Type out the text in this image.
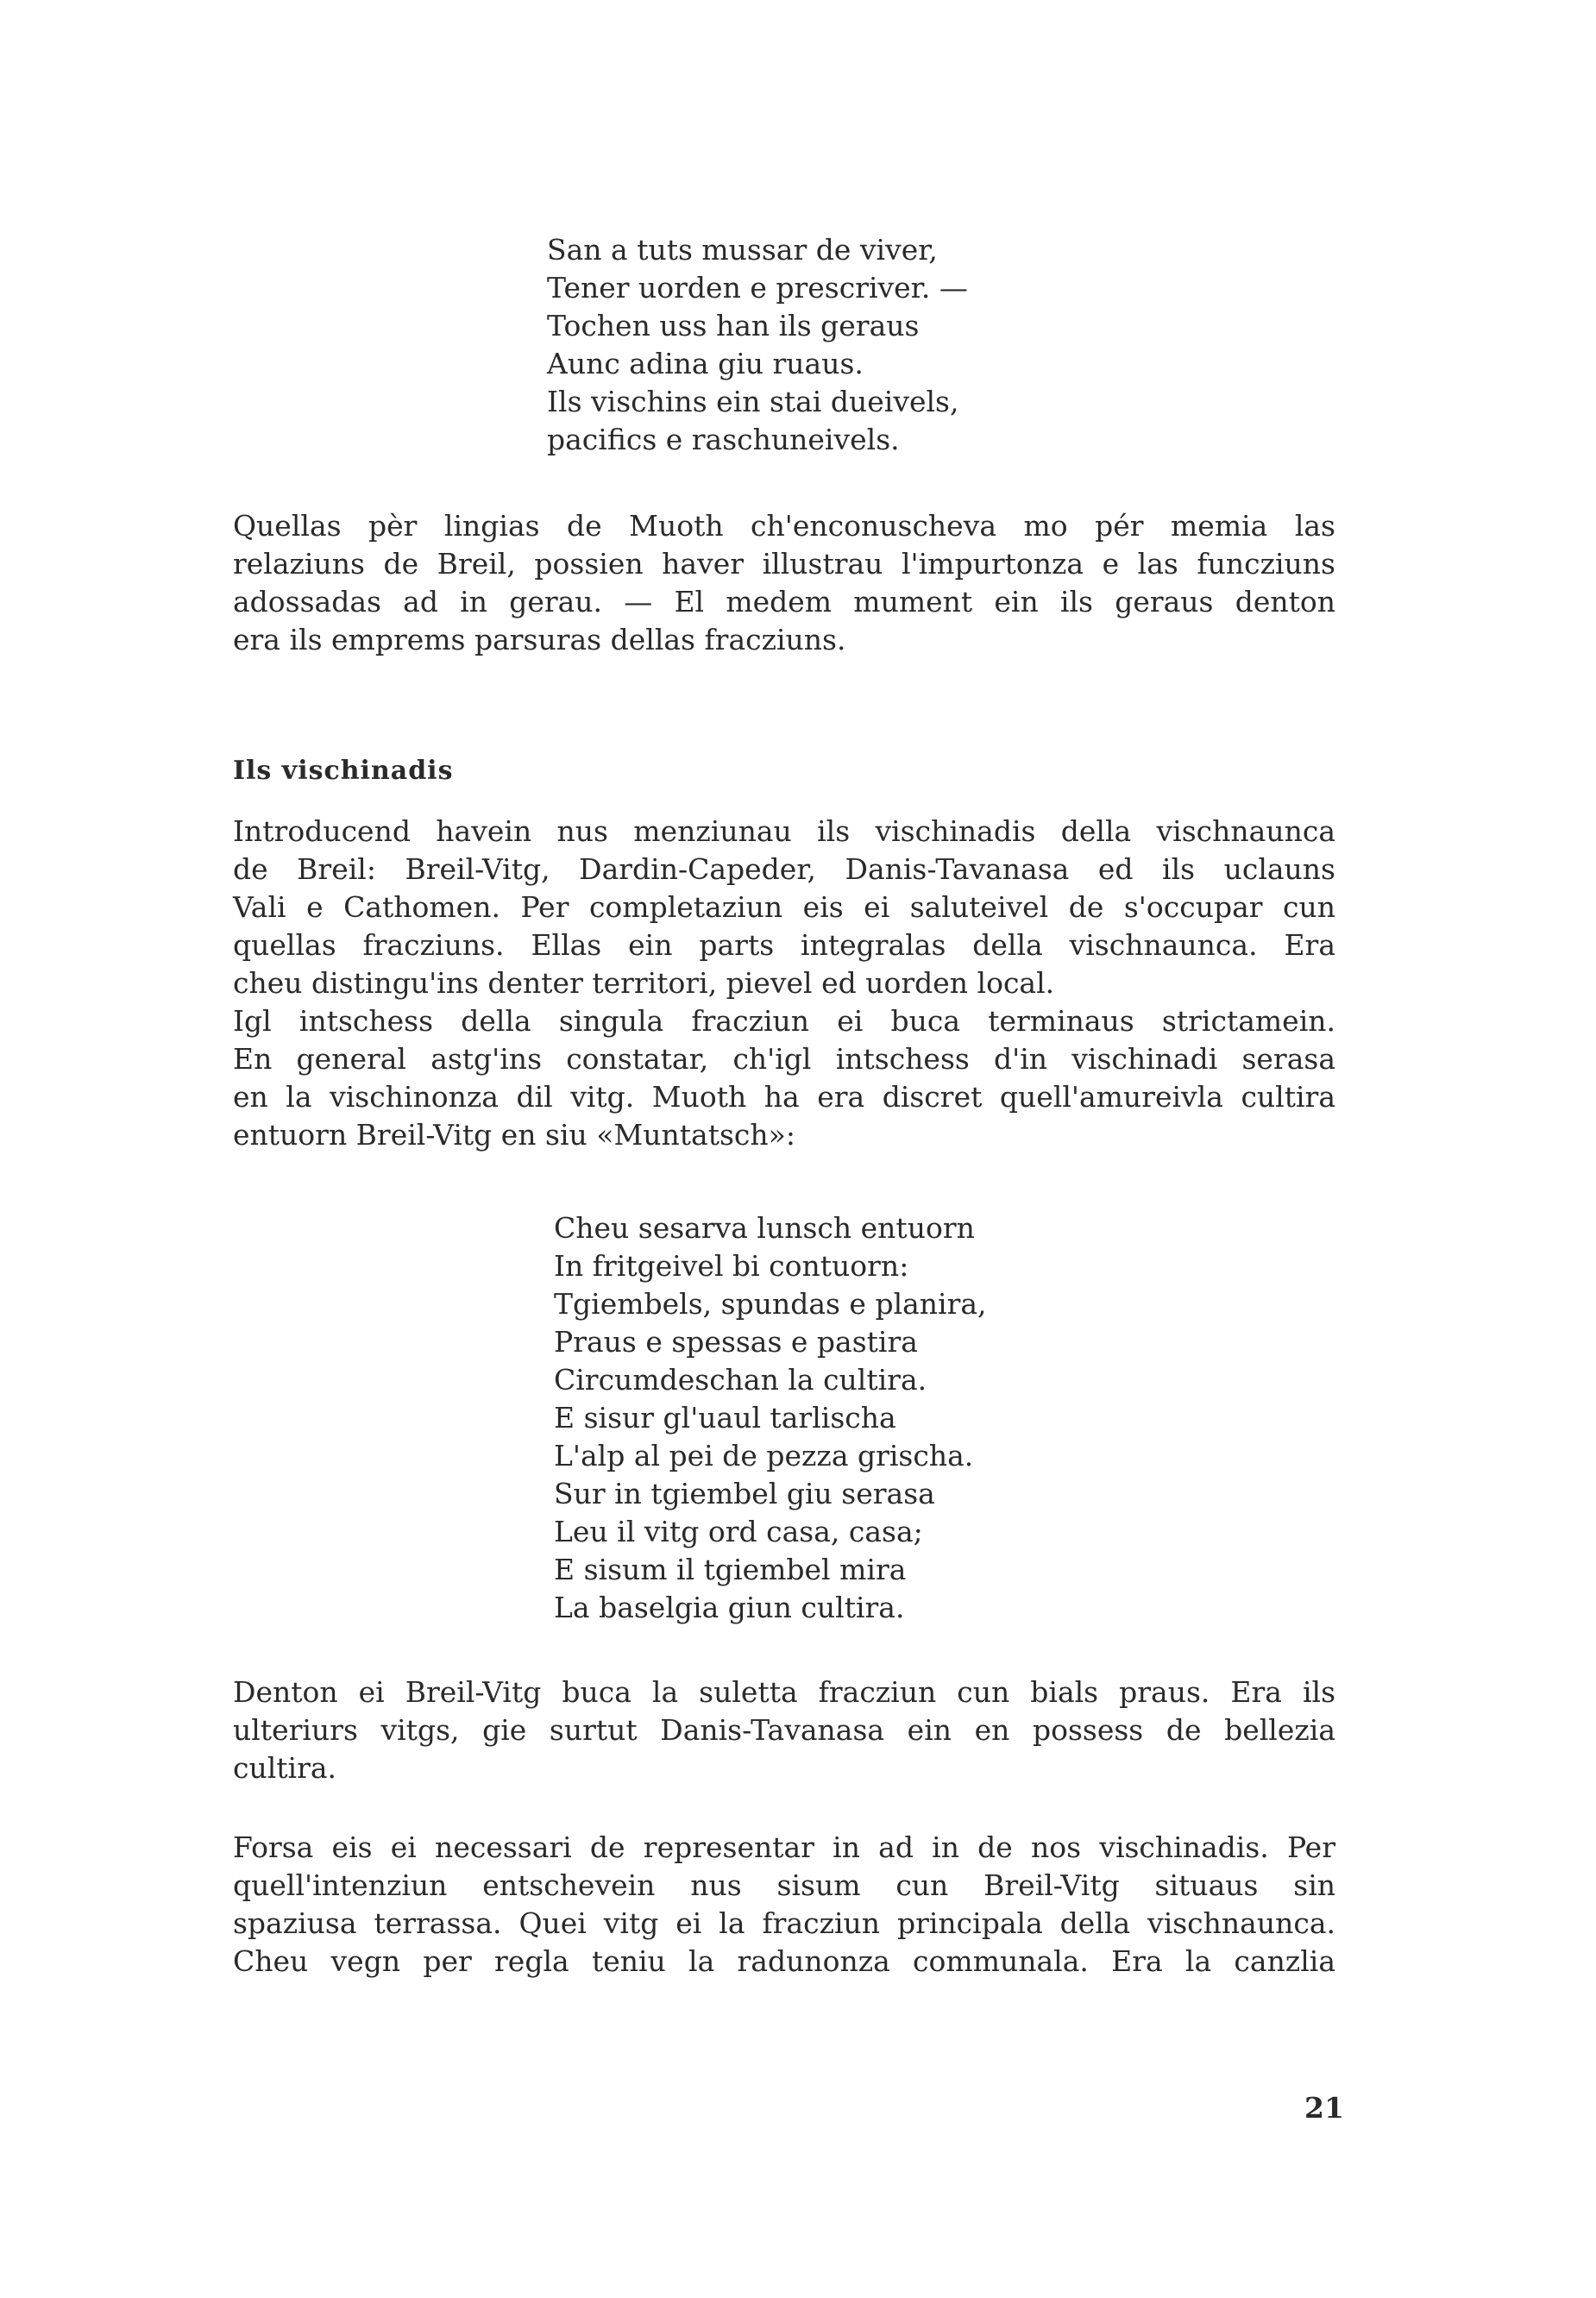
San a tuts mussar de viver,
Tener uorden e prescriver. —
Tochen uss han ils geraus
Aunc adina giu ruaus.
Ils vischins ein stai dueivels,
pacifics e raschuneivels.
Quellas pèr lingias de Muoth ch'enconuscheva mo pér memia las
relaziuns de Breil, possien haver illustrau l'impurtonza e las funcziuns
adossadas ad in gerau. — El medem mument ein ils geraus denton
era ils emprems parsuras dellas fracziuns.
Ils vischinadis
Introducend havein nus menziunau ils vischinadis della vischnaunca
de Breil: Breil-Vitg, Dardin-Capeder, Danis-Tavanasa ed ils uclauns
Vali e Cathomen. Per completaziun eis ei saluteivel de s'occupar cun
quellas fracziuns. Ellas ein parts integralas della vischnaunca. Era
cheu distingu'ins denter territori, pievel ed uorden local.
Igl intschess della singula fracziun ei buca terminaus strictamein.
En general astg'ins constatar, ch'igl intschess d'in vischinadi serasa
en la vischinonza dil vitg. Muoth ha era discret quell'amureivla cultira
entuorn Breil-Vitg en siu «Muntatsch»:
Cheu sesarva lunsch entuorn
In fritgeivel bi contuorn:
Tgiembels, spundas e planira,
Praus e spessas e pastira
Circumdeschan la cultira.
E sisur gl'uaul tarlischa
L'alp al pei de pezza grischa.
Sur in tgiembel giu serasa
Leu il vitg ord casa, casa;
E sisum il tgiembel mira
La baselgia giun cultira.
Denton ei Breil-Vitg buca la suletta fracziun cun bials praus. Era ils
ulteriurs vitgs, gie surtut Danis-Tavanasa ein en possess de bellezia
cultira.
Forsa eis ei necessari de representar in ad in de nos vischinadis. Per
quell'intenziun entschevein nus sisum cun Breil-Vitg situaus sin
spaziusa terrassa. Quei vitg ei la fracziun principala della vischnaunca.
Cheu vegn per regla teniu la radunonza communala. Era la canzlia
21
